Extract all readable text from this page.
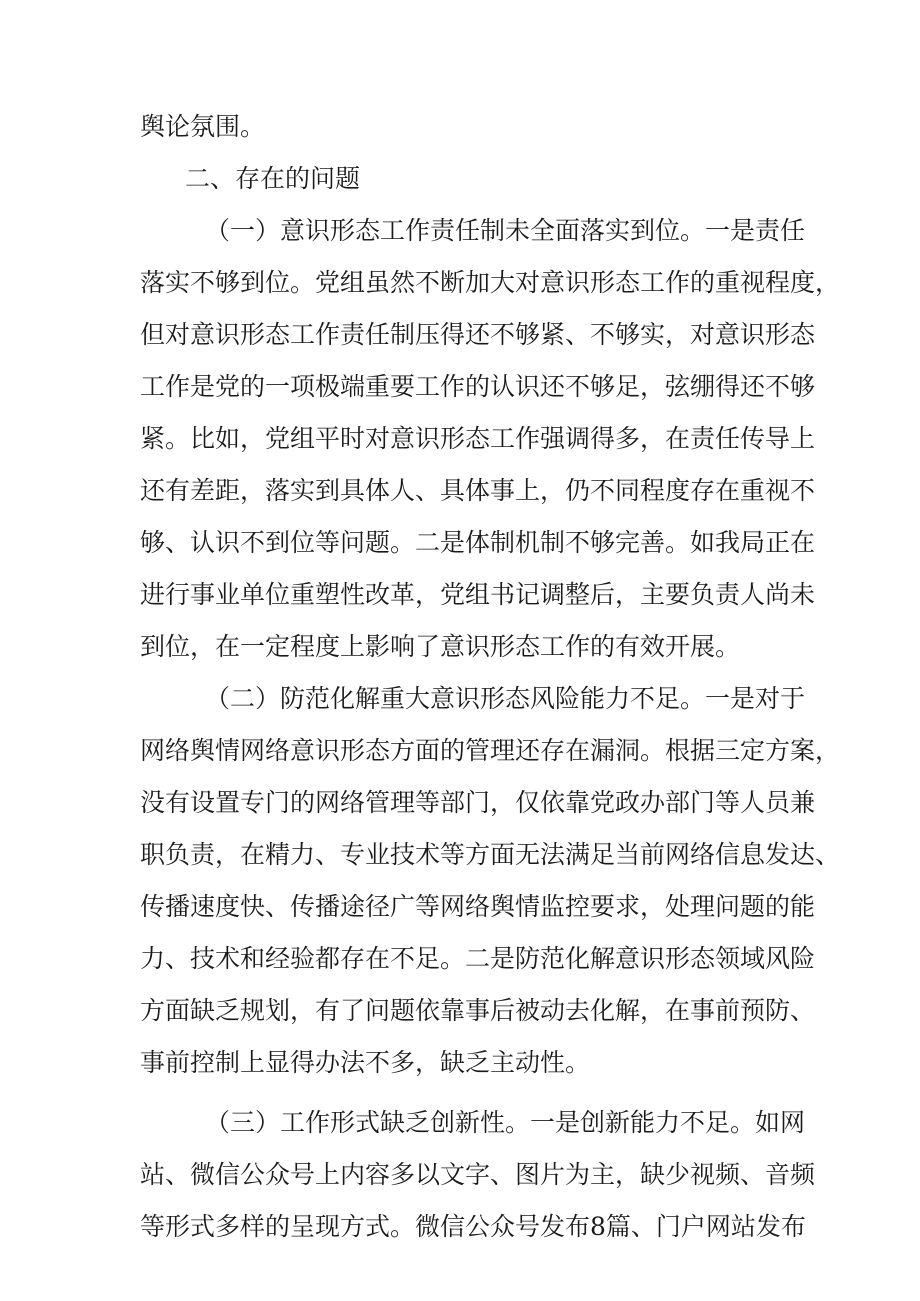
舆论氛围。
二、存在的问题
（一）意识形态工作责任制未全面落实到位。一是责任
落实不够到位。党组虽然不断加大对意识形态工作的重视程度，
但对意识形态工作责任制压得还不够紧、不够实，对意识形态
工作是党的一项极端重要工作的认识还不够足，弦绷得还不够
紧。比如，党组平时对意识形态工作强调得多，在责任传导上
还有差距，落实到具体人、具体事上，仍不同程度存在重视不
够、认识不到位等问题。二是体制机制不够完善。如我局正在
进行事业单位重塑性改革，党组书记调整后，主要负责人尚未
到位，在一定程度上影响了意识形态工作的有效开展。
（二）防范化解重大意识形态风险能力不足。一是对于
网络舆情网络意识形态方面的管理还存在漏洞。根据三定方案，
没有设置专门的网络管理等部门，仅依靠党政办部门等人员兼
职负责，在精力、专业技术等方面无法满足当前网络信息发达、
传播速度快、传播途径广等网络舆情监控要求，处理问题的能
力、技术和经验都存在不足。二是防范化解意识形态领域风险
方面缺乏规划，有了问题依靠事后被动去化解，在事前预防、
事前控制上显得办法不多，缺乏主动性。
（三）工作形式缺乏创新性。一是创新能力不足。如网
站、微信公众号上内容多以文字、图片为主，缺少视频、音频
等形式多样的呈现方式。微信公众号发布8篇、门户网站发布
